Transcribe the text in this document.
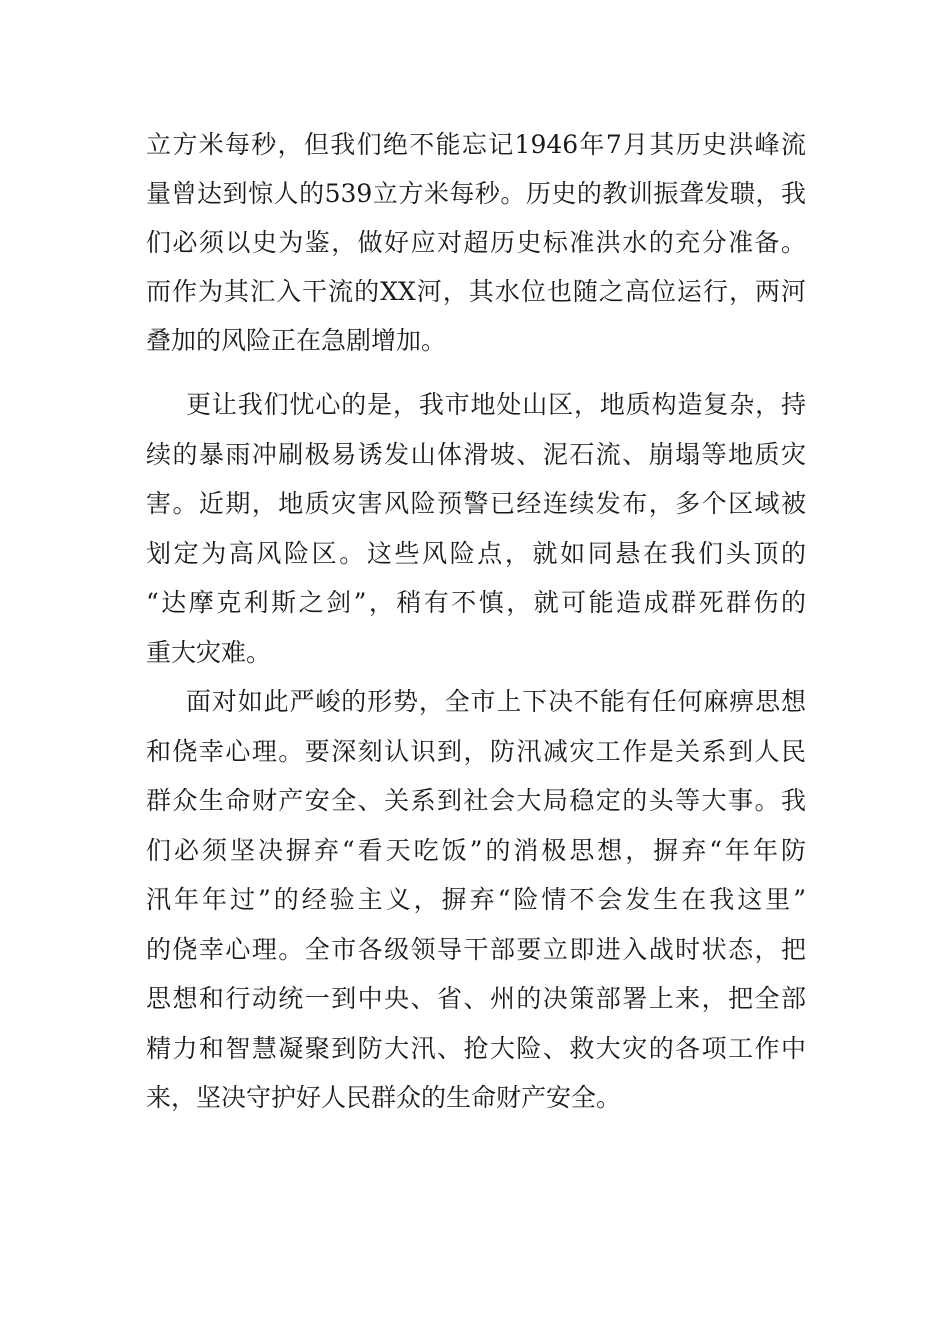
立方米每秒，但我们绝不能忘记1946年7月其历史洪峰流
量曾达到惊人的539立方米每秒。历史的教训振聋发聩，我
们必须以史为鉴，做好应对超历史标准洪水的充分准备。
而作为其汇入干流的XX河，其水位也随之高位运行，两河
叠加的风险正在急剧增加。
更让我们忧心的是，我市地处山区，地质构造复杂，持
续的暴雨冲刷极易诱发山体滑坡、泥石流、崩塌等地质灾
害。近期，地质灾害风险预警已经连续发布，多个区域被
划定为高风险区。这些风险点，就如同悬在我们头顶的
“达摩克利斯之剑”，稍有不慎，就可能造成群死群伤的
重大灾难。
面对如此严峻的形势，全市上下决不能有任何麻痹思想
和侥幸心理。要深刻认识到，防汛减灾工作是关系到人民
群众生命财产安全、关系到社会大局稳定的头等大事。我
们必须坚决摒弃“看天吃饭”的消极思想，摒弃“年年防
汛年年过”的经验主义，摒弃“险情不会发生在我这里”
的侥幸心理。全市各级领导干部要立即进入战时状态，把
思想和行动统一到中央、省、州的决策部署上来，把全部
精力和智慧凝聚到防大汛、抢大险、救大灾的各项工作中
来，坚决守护好人民群众的生命财产安全。
